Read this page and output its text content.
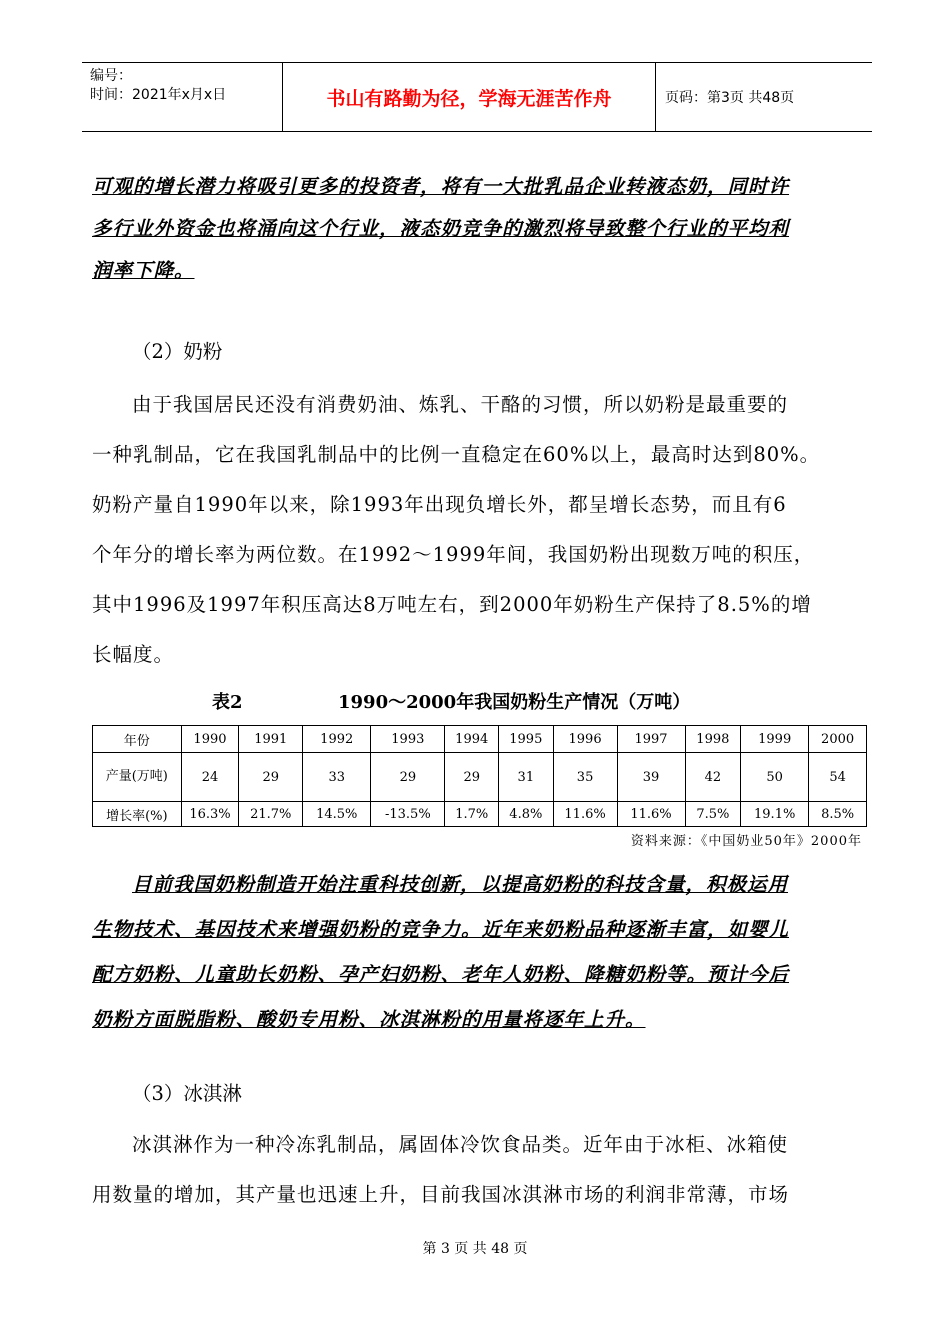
编号：
时间：2021年x月x日	书山有路勤为径，学海无涯苦作舟	页码：第3页 共48页
可观的增长潜力将吸引更多的投资者，将有一大批乳品企业转液态奶，同时许
多行业外资金也将涌向这个行业，液态奶竞争的激烈将导致整个行业的平均利
润率下降。
（2）奶粉
由于我国居民还没有消费奶油、炼乳、干酪的习惯，所以奶粉是最重要的
一种乳制品，它在我国乳制品中的比例一直稳定在60%以上，最高时达到80%。
奶粉产量自1990年以来，除1993年出现负增长外，都呈增长态势，而且有6
个年分的增长率为两位数。在1992～1999年间，我国奶粉出现数万吨的积压，
其中1996及1997年积压高达8万吨左右，到2000年奶粉生产保持了8.5%的增
长幅度。
表2	1990～2000年我国奶粉生产情况（万吨）
年份	1990	1991	1992	1993	1994	1995	1996	1997	1998	1999	2000
产量(万吨)	24	29	33	29	29	31	35	39	42	50	54
增长率(%)	16.3%	21.7%	14.5%	-13.5%	1.7%	4.8%	11.6%	11.6%	7.5%	19.1%	8.5%
资料来源：《中国奶业50年》2000年
目前我国奶粉制造开始注重科技创新，以提高奶粉的科技含量，积极运用
生物技术、基因技术来增强奶粉的竞争力。近年来奶粉品种逐渐丰富，如婴儿
配方奶粉、儿童助长奶粉、孕产妇奶粉、老年人奶粉、降糖奶粉等。预计今后
奶粉方面脱脂粉、酸奶专用粉、冰淇淋粉的用量将逐年上升。
（3）冰淇淋
冰淇淋作为一种冷冻乳制品，属固体冷饮食品类。近年由于冰柜、冰箱使
用数量的增加，其产量也迅速上升，目前我国冰淇淋市场的利润非常薄，市场
第 3 页 共 48 页
